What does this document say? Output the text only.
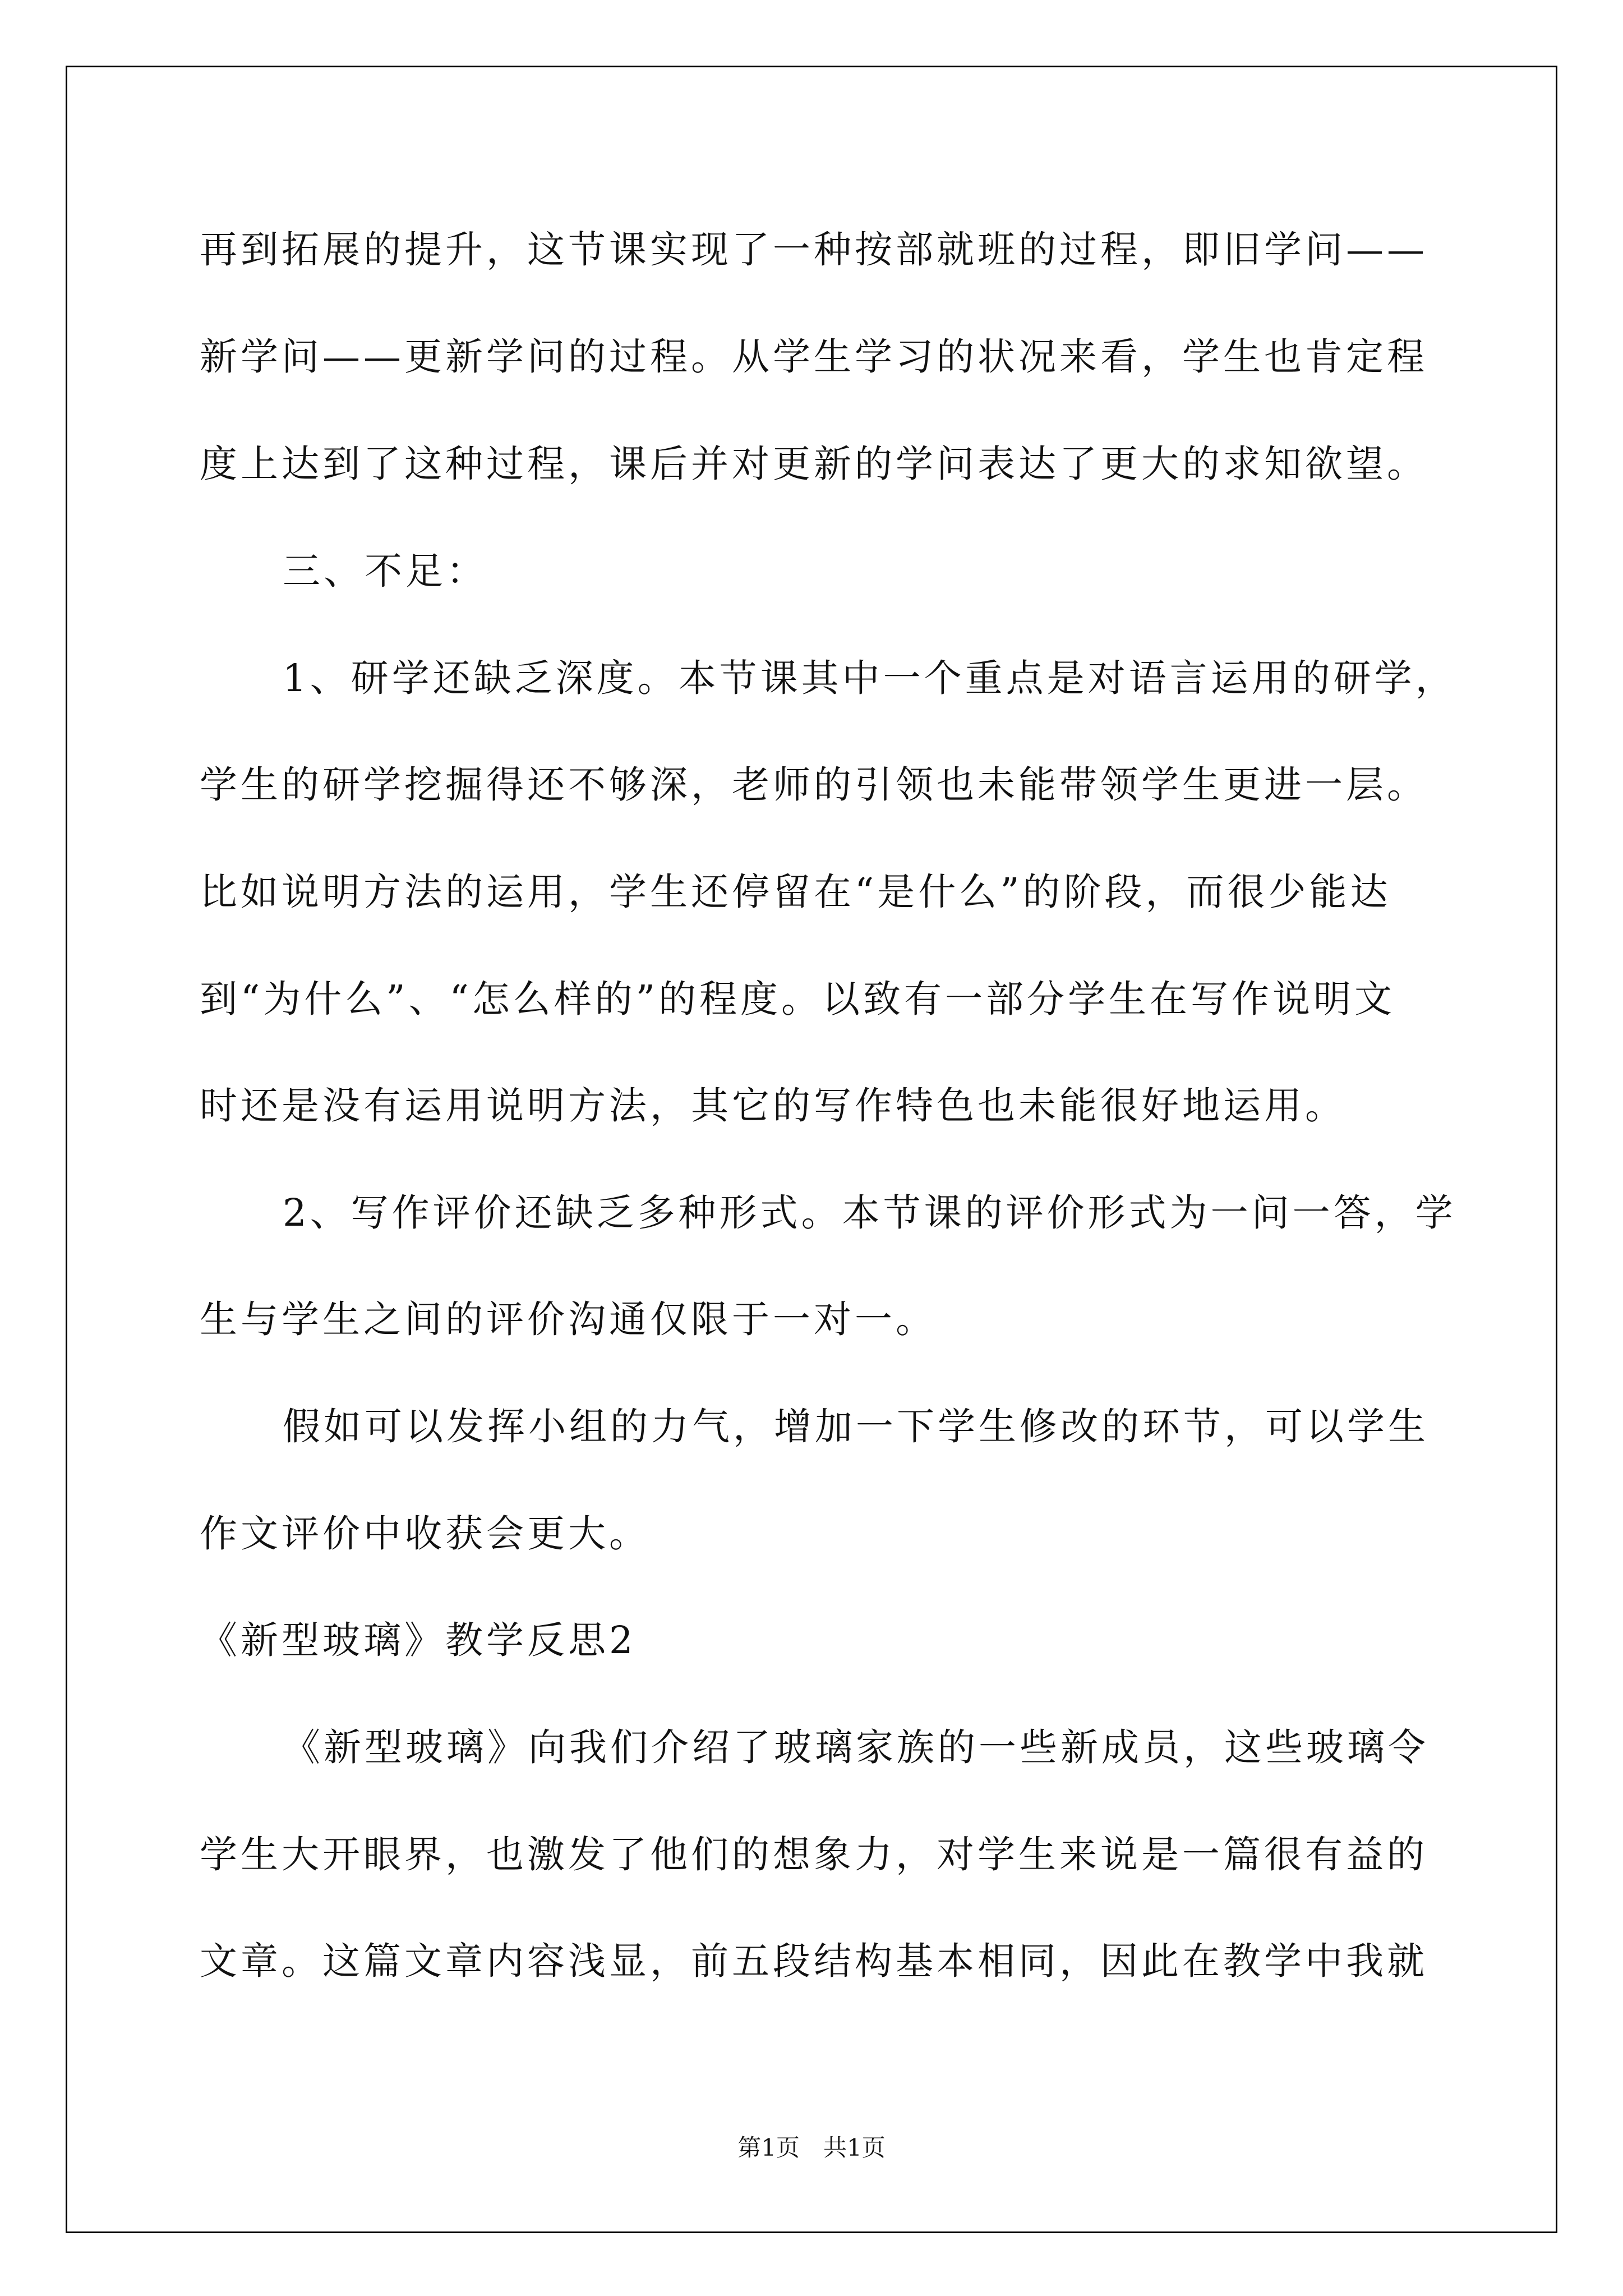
再到拓展的提升，这节课实现了一种按部就班的过程，即旧学问——

新学问——更新学问的过程。从学生学习的状况来看，学生也肯定程

度上达到了这种过程，课后并对更新的学问表达了更大的求知欲望。

三、不足：

1、研学还缺乏深度。本节课其中一个重点是对语言运用的研学，

学生的研学挖掘得还不够深，老师的引领也未能带领学生更进一层。

比如说明方法的运用，学生还停留在“是什么”的阶段，而很少能达

到“为什么”、“怎么样的”的程度。以致有一部分学生在写作说明文

时还是没有运用说明方法，其它的写作特色也未能很好地运用。

2、写作评价还缺乏多种形式。本节课的评价形式为一问一答，学

生与学生之间的评价沟通仅限于一对一。

假如可以发挥小组的力气，增加一下学生修改的环节，可以学生

作文评价中收获会更大。

《新型玻璃》教学反思2

《新型玻璃》向我们介绍了玻璃家族的一些新成员，这些玻璃令

学生大开眼界，也激发了他们的想象力，对学生来说是一篇很有益的

文章。这篇文章内容浅显，前五段结构基本相同，因此在教学中我就

第1页　共1页
